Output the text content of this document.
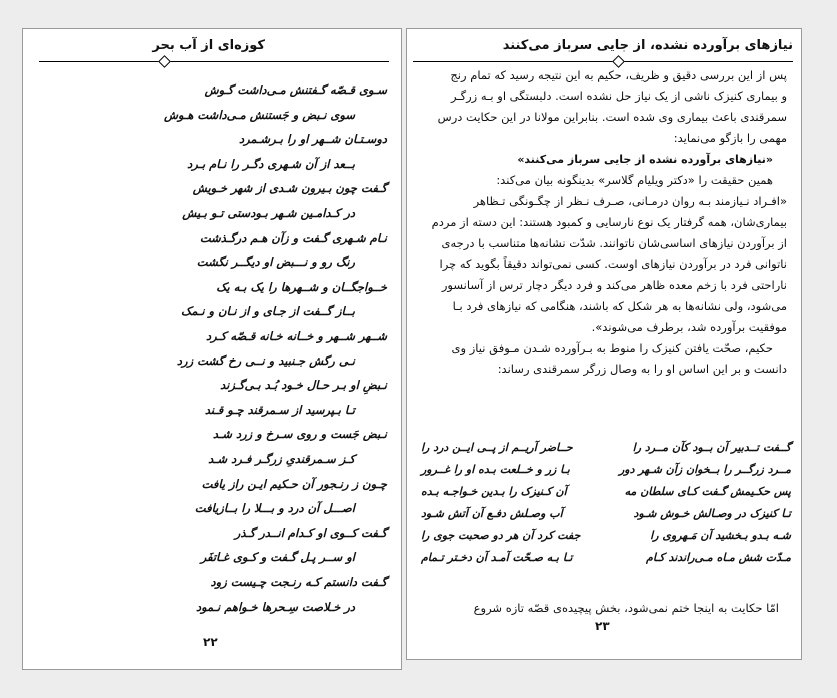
کوزه‌ای از آب بحر
سـوی قـصّه گـفتنش مـی‌داشت گـوش
سوی نـبض و جَستنش مـی‌داشت هـوش
دوسـتـان شــهر او را بـرشـمرد
بــعد از آن شـهری دگـر را نـام بـرد
گـفت چون بـیرون شـدی از شهر خـویش
در کـدامـین شـهر بـودستی تـو بـیش
نـام شـهری گـفت و زآن هـم درگـذشت
رنگ رو و نـــبض او دیگــر نگشت
خــواجگــان و شــهرها را یک بـه یک
بــاز گــفت از جـای و از نـان و نـمک
شــهر شــهر و خــانه خـانه قـصّه کـرد
نـی رگش جـنبید و نــی رخ گشت زرد
نـبضِ او بـر حـال خـود بُـد بـی‌گـزند
تـا بـپرسید از سـمرقند چـو قـند
نـبض جَست و روی سـرخ و زرد شـد
کـز سـمرقندیِ زرگـر فـرد شـد
چـون ز رنـجور آن حـکیم ایـن راز یافت
اصـــل آن درد و بـــلا را بــازیافت
گـفت کــوی او کـدام انــدر گـذر
او ســر پـل گـفت و کـوی غـاتفَر
گـفت دانستم کـه رنـجت چـیست زود
در خـلاصت سِـحرها خـواهم نـمود
۲۲
نیازهای برآورده نشده، از جایی سرباز می‌کنند
پس از این بررسی دقیق و ظریف، حکیم به این نتیجه رسید که تمام رنج
و بیماری کنیزک ناشی از یک نیاز حل نشده است. دلبستگی او بـه زرگـر
سمرقندی باعث بیماری وی شده است. بنابراین مولانا در این حکایت درس
مهمی را بازگو می‌نماید:
«نیازهای برآورده نشده از جایی سرباز می‌کنند»
همین حقیقت را «دکتر ویلیام گلاسر» بدینگونه بیان می‌کند:
«افـراد نـیازمند بـه روان درمـانی، صـرف نـظر از چگـونگی تـظاهر
بیماری‌شان، همه گرفتار یک نوع نارسایی و کمبود هستند: این دسته از مردم
از برآوردن نیازهای اساسی‌شان ناتوانند. شدّت نشانه‌ها متناسب با درجه‌ی
ناتوانی فرد در برآوردن نیازهای اوست. کسی نمی‌تواند دقیقاً بگوید که چرا
ناراحتی فرد با زخم معده ظاهر می‌کند و فرد دیگر دچار ترس از آسانسور
می‌شود، ولی نشانه‌ها به هر شکل که باشند، هنگامی که نیازهای فرد بـا
موفقیت برآورده شد، برطرف می‌شوند».
حکیم، صحّت یافتن کنیزک را منوط به بـرآورده شـدن مـوفق نیاز وی
دانست و بر این اساس او را به وصال زرگر سمرقندی رساند:
گــفت تــدبیر آن بــود کآن مــرد را
حــاضر آریــم از پــی ایــن درد را
مــرد زرگــر را بــخوان زآن شـهر دور
بـا زر و خــلعت بـده او را غــرور
پس حکـیمش گـفت کـای سلطان مه
آن کـنیزک را بـدین خـواجـه بـده
تـا کنیزک در وصـالش خـوش شـود
آب وصـلش دفـع آن آتش شـود
شـه بـدو بـخشید آن مَـهروی را
جفت کرد آن هر دو صحبت جوی را
مـدّت شش مـاه مـی‌راندند کـام
تـا بـه صـحّت آمـد آن دخـتر تـمام
امّا حکایت به اینجا ختم نمی‌شود، بخش پیچیده‌ی قصّه تازه شروع
۲۳
